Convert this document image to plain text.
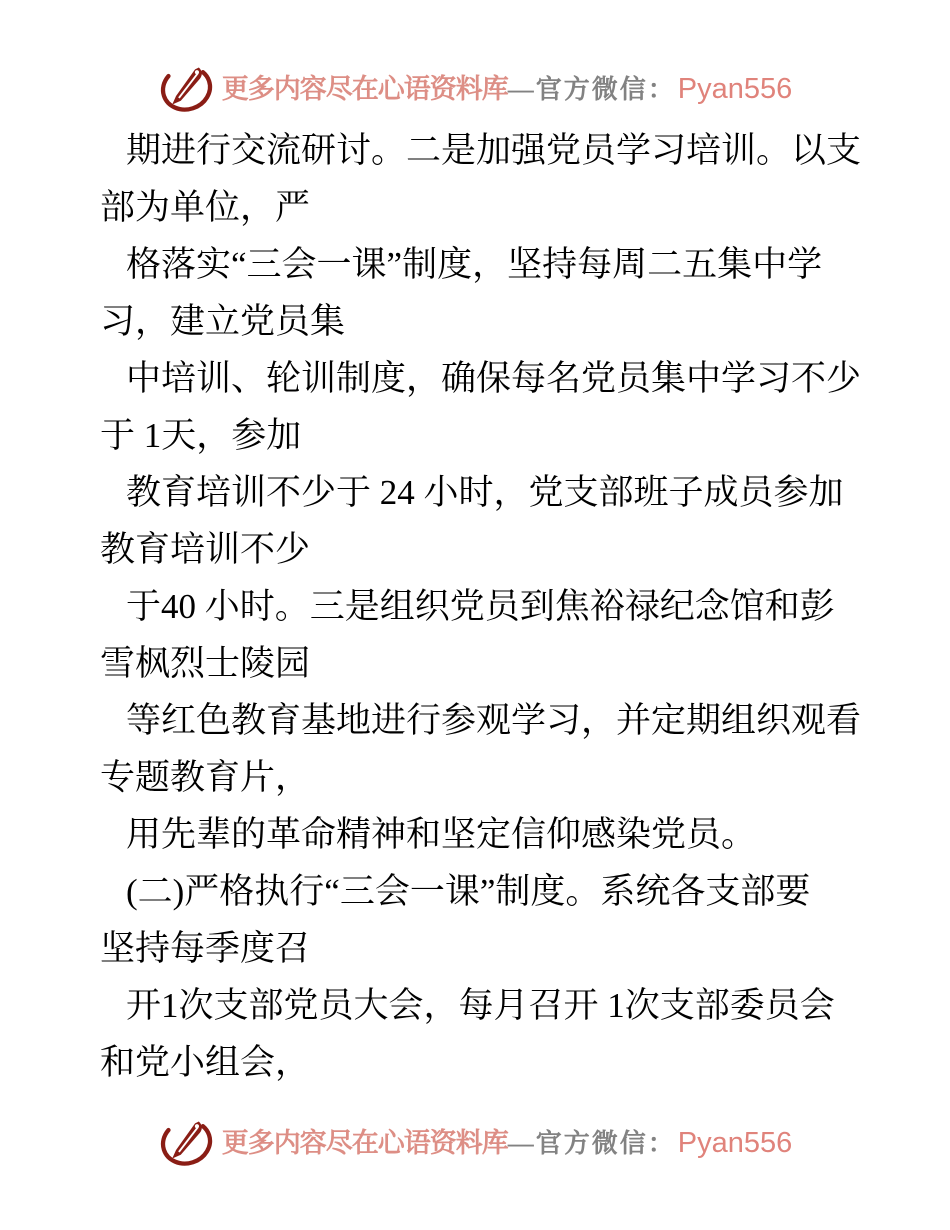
更多内容尽在心语资料库 —官方微信： Pyan556
期进行交流研讨。二是加强党员学习培训。以支
部为单位，严
格落实“三会一课”制度，坚持每周二五集中学
习，建立党员集
中培训、轮训制度，确保每名党员集中学习不少
于 1天，参加
教育培训不少于 24 小时，党支部班子成员参加
教育培训不少
于40 小时。三是组织党员到焦裕禄纪念馆和彭
雪枫烈士陵园
等红色教育基地进行参观学习，并定期组织观看
专题教育片，
用先辈的革命精神和坚定信仰感染党员。
(二)严格执行“三会一课”制度。系统各支部要
坚持每季度召
开1次支部党员大会，每月召开 1次支部委员会
和党小组会，
更多内容尽在心语资料库 —官方微信： Pyan556
